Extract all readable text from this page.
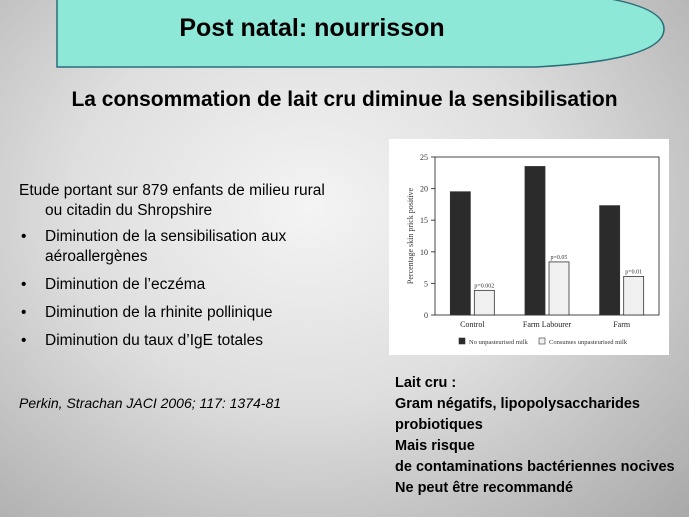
Post natal: nourrisson
La consommation de lait cru diminue la sensibilisation
Etude portant sur 879 enfants de milieu rural
ou citadin du Shropshire
• Diminution de la sensibilisation aux aéroallergènes
• Diminution de l’eczéma
• Diminution de la rhinite pollinique
• Diminution du taux d’IgE totales
Perkin, Strachan JACI 2006; 117: 1374-81
0
5
10
15
20
25
Percentage skin prick positive
p=0.002
Control
p=0.05
Farm Labourer
p=0.01
Farm
No unpasteurised milk	Consumes unpasteurised milk
Lait cru :
Gram négatifs, lipopolysaccharides
probiotiques
Mais risque
de contaminations bactériennes nocives
Ne peut être recommandé
